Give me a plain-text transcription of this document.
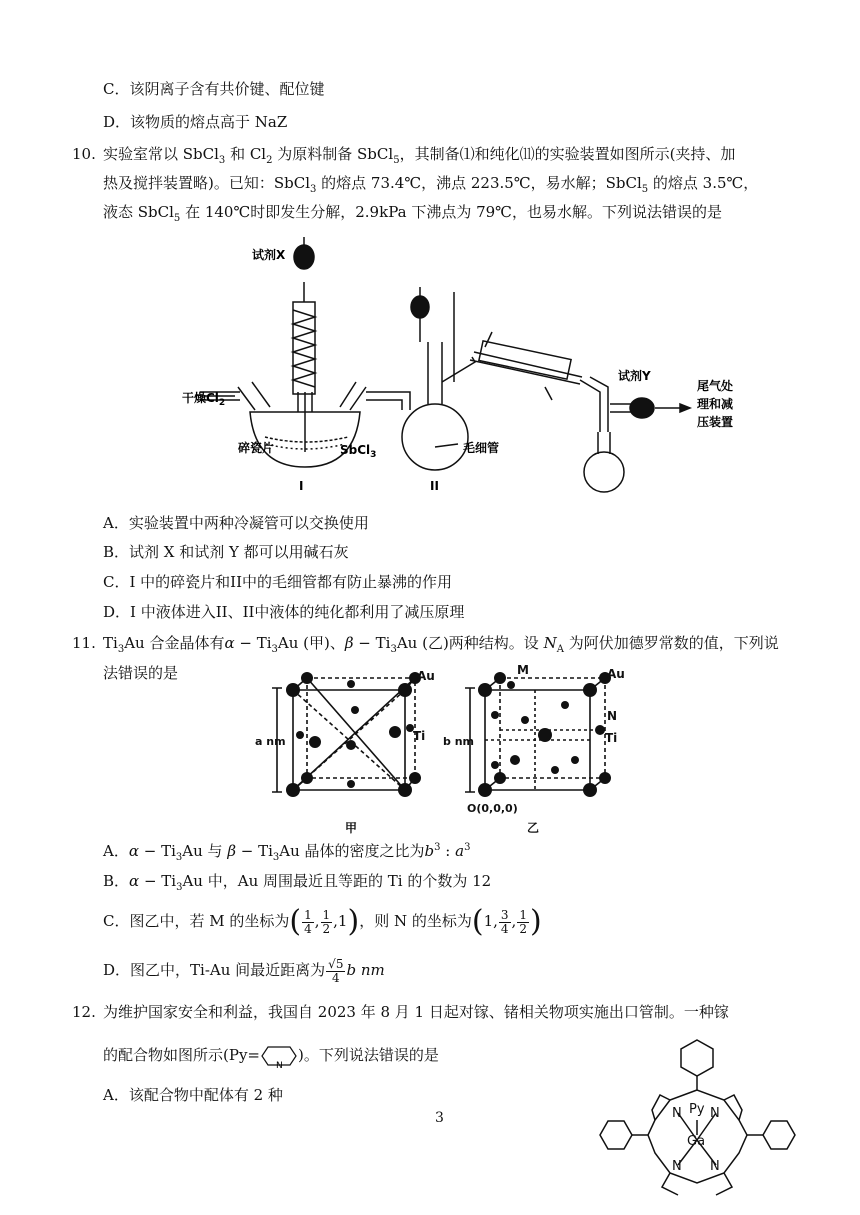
C．该阴离子含有共价键、配位键
D．该物质的熔点高于 NaZ
10. 实验室常以 SbCl$_3$ 和 $Cl_2$ 为原料制备 SbCl$_5$，其制备⑴和纯化⑾的实验装置如图所示(夹持、加
热及搅拌装置略)。已知：SbCl$_3$ 的熔点 73.4℃，沸点 223.5℃，易水解；SbCl$_5$ 的熔点 3.5℃，
液态 SbCl$_5$ 在 140℃时即发生分解，2.9kPa 下沸点为 79℃，也易水解。下列说法错误的是
试剂X
干燥$Cl_2$
碎瓷片	SbCl$_3$	毛细管
试剂Y
尾气处
理和减
压装置
I	II
A．实验装置中两种冷凝管可以交换使用
B．试剂 X 和试剂 Y 都可以用碱石灰
C．I 中的碎瓷片和II中的毛细管都有防止暴沸的作用
D．I 中液体进入II、II中液体的纯化都利用了减压原理
11. $Ti_3Au$ 合金晶体有$\alpha - Ti_3Au$ (甲)、$\beta - Ti_3Au$ (乙)两种结构。设 $N_A$ 为阿伏加德罗常数的值，下列说
法错误的是	Au
Ti
a nm
甲
M	Au
N
Ti
b nm
O(0,0,0)
乙
A．$\alpha - Ti_3Au$ 与 $\beta - Ti_3Au$ 晶体的密度之比为$b^3$ : $a^3$
B．$\alpha - Ti_3Au$ 中，Au 周围最近且等距的 Ti 的个数为 12
C．图乙中，若 M 的坐标为( $\frac{1}{4}$ , $\frac{1}{2} ,1$)，则 N 的坐标为(1, $\frac{3}{4}$ , $\frac{1}{2}$ )
D．图乙中，Ti-Au 间最近距离为 $\frac{√5}{4}$ b nm
12. 为维护国家安全和利益，我国自 2023 年 8 月 1 日起对镓、锗相关物项实施出口管制。一种镓
的配合物如图所示(Py=
N
)。下列说法错误的是
A．该配合物中配体有 2 种
N N
N N
Py
Ga
3
